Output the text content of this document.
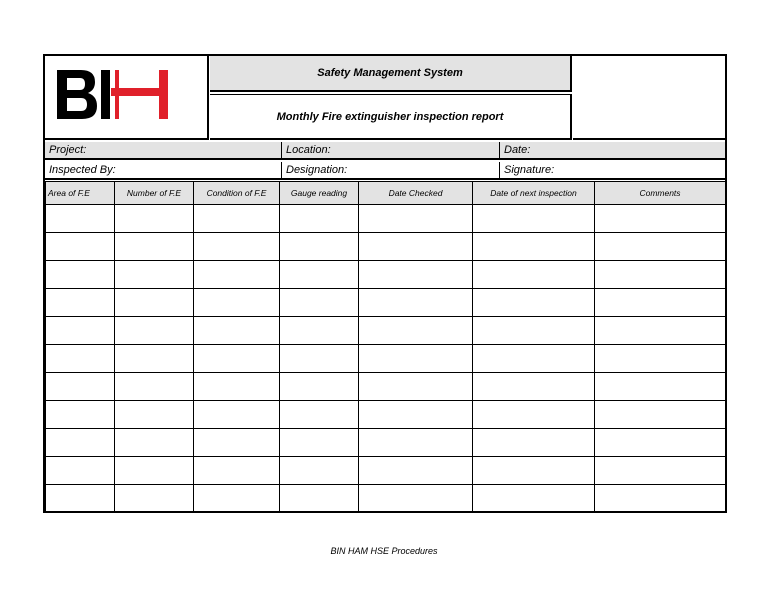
Safety Management System
Monthly Fire extinguisher inspection report
Project:	Location:	Date:
Inspected By:	Designation:	Signature:
Area of F.E	Number of F.E	Condition of F.E	Gauge reading	Date Checked	Date of next inspection	Comments

BIN HAM HSE Procedures
